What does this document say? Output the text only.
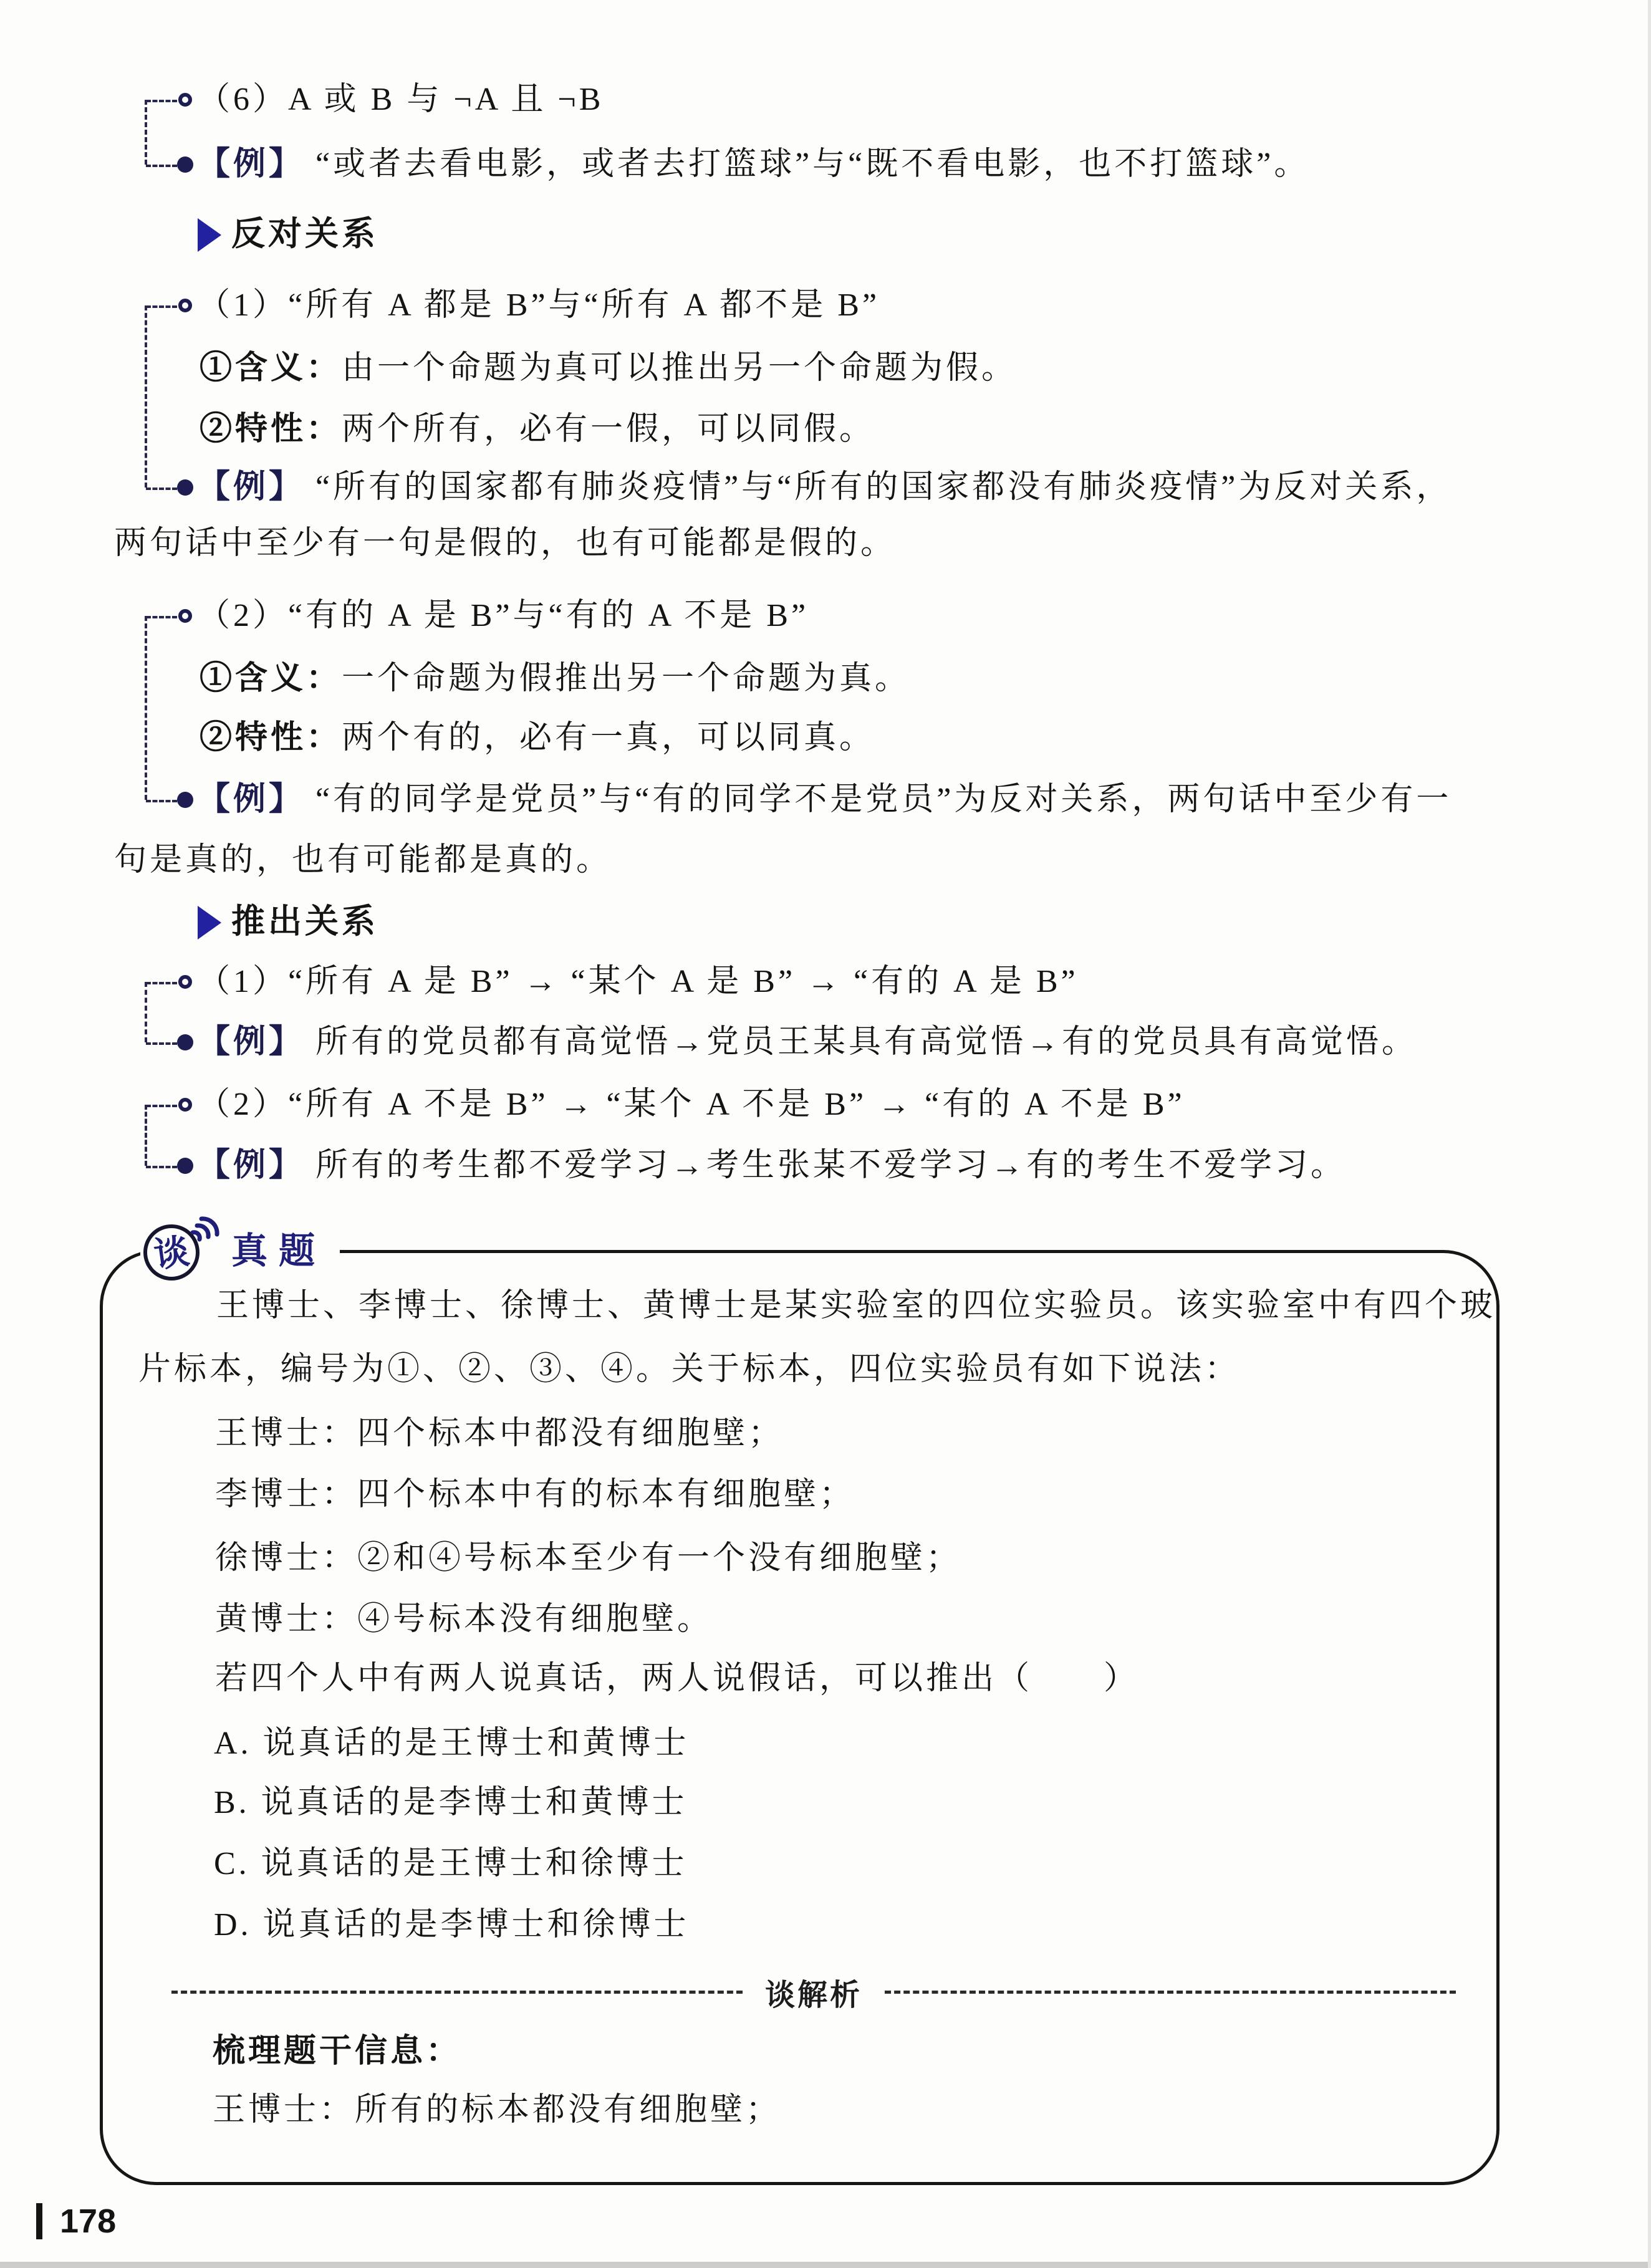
（6）A 或 B 与 ¬A 且 ¬B
【例】 “或者去看电影，或者去打篮球”与“既不看电影，也不打篮球”。
反对关系
（1）“所有 A 都是 B”与“所有 A 都不是 B”
①含义：由一个命题为真可以推出另一个命题为假。
②特性：两个所有，必有一假，可以同假。
【例】 “所有的国家都有肺炎疫情”与“所有的国家都没有肺炎疫情”为反对关系，
两句话中至少有一句是假的，也有可能都是假的。
（2）“有的 A 是 B”与“有的 A 不是 B”
①含义：一个命题为假推出另一个命题为真。
②特性：两个有的，必有一真，可以同真。
【例】 “有的同学是党员”与“有的同学不是党员”为反对关系，两句话中至少有一
句是真的，也有可能都是真的。
推出关系
（1）“所有 A 是 B” → “某个 A 是 B” → “有的 A 是 B”
【例】 所有的党员都有高觉悟→党员王某具有高觉悟→有的党员具有高觉悟。
（2）“所有 A 不是 B” → “某个 A 不是 B” → “有的 A 不是 B”
【例】 所有的考生都不爱学习→考生张某不爱学习→有的考生不爱学习。
谈 真题
王博士、李博士、徐博士、黄博士是某实验室的四位实验员。该实验室中有四个玻
片标本，编号为①、②、③、④。关于标本，四位实验员有如下说法：
王博士：四个标本中都没有细胞壁；
李博士：四个标本中有的标本有细胞壁；
徐博士：②和④号标本至少有一个没有细胞壁；
黄博士：④号标本没有细胞壁。
若四个人中有两人说真话，两人说假话，可以推出（　　）
A. 说真话的是王博士和黄博士
B. 说真话的是李博士和黄博士
C. 说真话的是王博士和徐博士
D. 说真话的是李博士和徐博士
谈解析
梳理题干信息：
王博士：所有的标本都没有细胞壁；
178
